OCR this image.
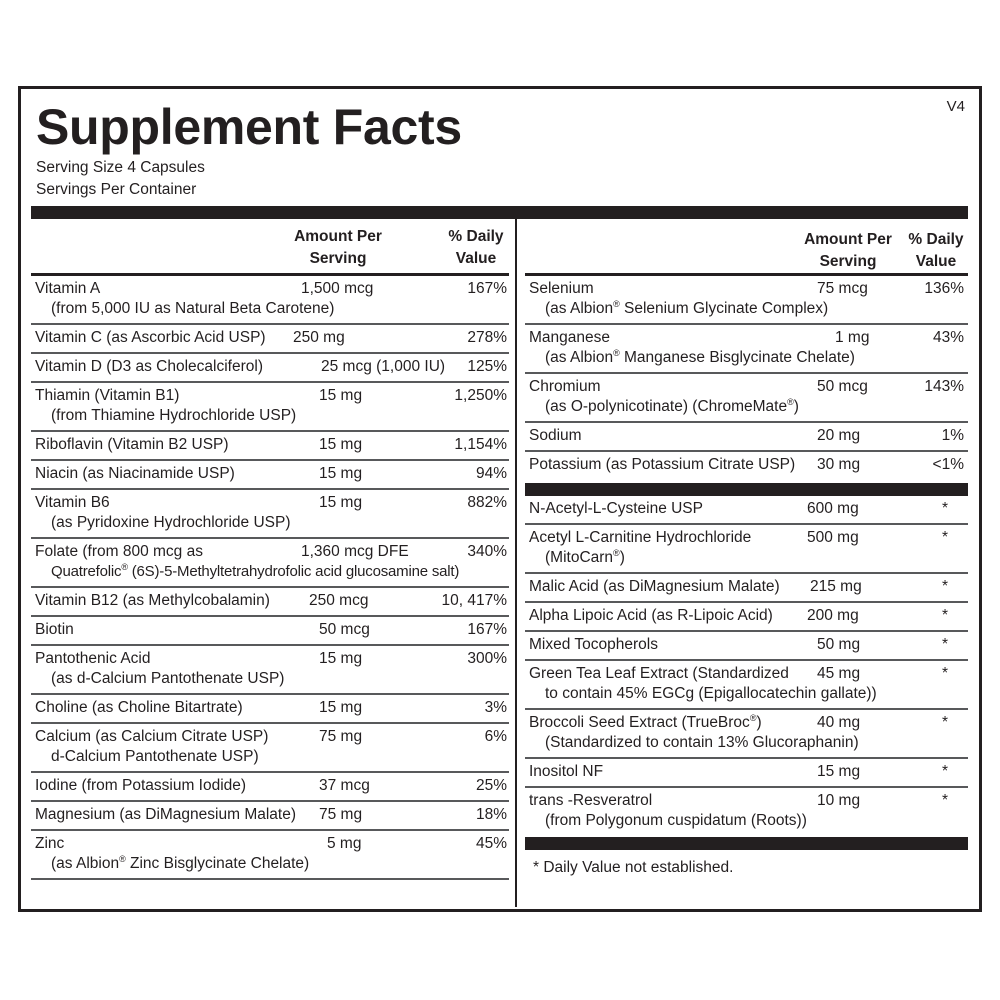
Supplement Facts	V4
Serving Size 4 Capsules
Servings Per Container
Amount Per
Serving
% Daily
Value
Vitamin A
(from 5,000 IU as Natural Beta Carotene)
1,500 mcg	167%
Vitamin C (as Ascorbic Acid USP)	250 mg	278%
Vitamin D (D3 as Cholecalciferol)	25 mcg (1,000 IU) 125%
Thiamin (Vitamin B1)
(from Thiamine Hydrochloride USP)
15 mg	1,250%
Riboflavin (Vitamin B2 USP)	15 mg	1,154%
Niacin (as Niacinamide USP)	15 mg	94%
Vitamin B6
(as Pyridoxine Hydrochloride USP)
15 mg	882%
Folate (from 800 mcg as
Quatrefolic® (6S)-5-Methyltetrahydrofolic acid glucosamine salt)
1,360 mcg DFE	340%
Vitamin B12 (as Methylcobalamin)	250 mcg	10, 417%
Biotin	50 mcg	167%
Pantothenic Acid
(as d-Calcium Pantothenate USP)
15 mg	300%
Choline (as Choline Bitartrate)	15 mg	3%
Calcium (as Calcium Citrate USP)
d-Calcium Pantothenate USP)
75 mg	6%
Iodine (from Potassium Iodide)	37 mcg	25%
Magnesium (as DiMagnesium Malate)	75 mg	18%
Zinc
(as Albion® Zinc Bisglycinate Chelate)
5 mg	45%
Amount Per
Serving
% Daily
Value
Selenium
(as Albion® Selenium Glycinate Complex)
75 mcg	136%
Manganese
(as Albion® Manganese Bisglycinate Chelate)
1 mg	43%
Chromium
(as O-polynicotinate) (ChromeMate®)
50 mcg	143%
Sodium	20 mg	1%
Potassium (as Potassium Citrate USP)	30 mg	<1%
N-Acetyl-L-Cysteine USP	600 mg	*
Acetyl L-Carnitine Hydrochloride
(MitoCarn®)
500 mg	*
Malic Acid (as DiMagnesium Malate)	215 mg	*
Alpha Lipoic Acid (as R-Lipoic Acid)	200 mg	*
Mixed Tocopherols	50 mg	*
Green Tea Leaf Extract (Standardized
to contain 45% EGCg (Epigallocatechin gallate))
45 mg	*
Broccoli Seed Extract (TrueBroc®)
(Standardized to contain 13% Glucoraphanin)
40 mg	*
Inositol NF	15 mg	*
trans -Resveratrol
(from Polygonum cuspidatum (Roots))
10 mg	*
* Daily Value not established.
